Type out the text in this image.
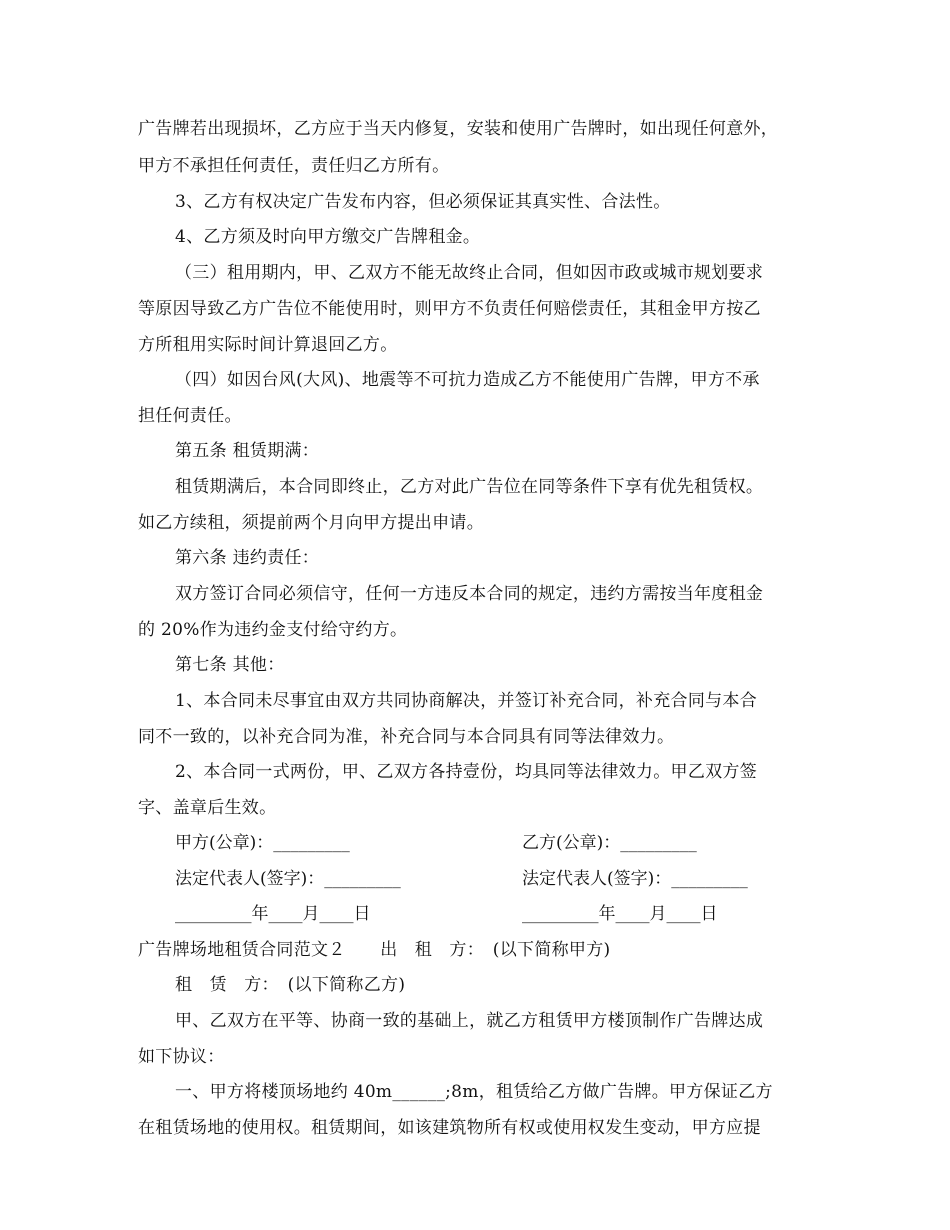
广告牌若出现损坏，乙方应于当天内修复，安装和使用广告牌时，如出现任何意外，
甲方不承担任何责任，责任归乙方所有。
3、乙方有权决定广告发布内容，但必须保证其真实性、合法性。
4、乙方须及时向甲方缴交广告牌租金。
（三）租用期内，甲、乙双方不能无故终止合同，但如因市政或城市规划要求
等原因导致乙方广告位不能使用时，则甲方不负责任何赔偿责任，其租金甲方按乙
方所租用实际时间计算退回乙方。
（四）如因台风(大风)、地震等不可抗力造成乙方不能使用广告牌，甲方不承
担任何责任。
第五条 租赁期满：
租赁期满后，本合同即终止，乙方对此广告位在同等条件下享有优先租赁权。
如乙方续租，须提前两个月向甲方提出申请。
第六条 违约责任：
双方签订合同必须信守，任何一方违反本合同的规定，违约方需按当年度租金
的 20%作为违约金支付给守约方。
第七条 其他：
1、本合同未尽事宜由双方共同协商解决，并签订补充合同，补充合同与本合
同不一致的，以补充合同为准，补充合同与本合同具有同等法律效力。
2、本合同一式两份，甲、乙双方各持壹份，均具同等法律效力。甲乙双方签
字、盖章后生效。
甲方(公章)：_________	乙方(公章)：_________
法定代表人(签字)：_________	法定代表人(签字)：_________
_________年____月____日	_________年____月____日
广告牌场地租赁合同范文２　　出　租　方：　(以下简称甲方)
租　赁　方：　(以下简称乙方)
甲、乙双方在平等、协商一致的基础上，就乙方租赁甲方楼顶制作广告牌达成
如下协议：
一、甲方将楼顶场地约 40m______;8m，租赁给乙方做广告牌。甲方保证乙方
在租赁场地的使用权。租赁期间，如该建筑物所有权或使用权发生变动，甲方应提
